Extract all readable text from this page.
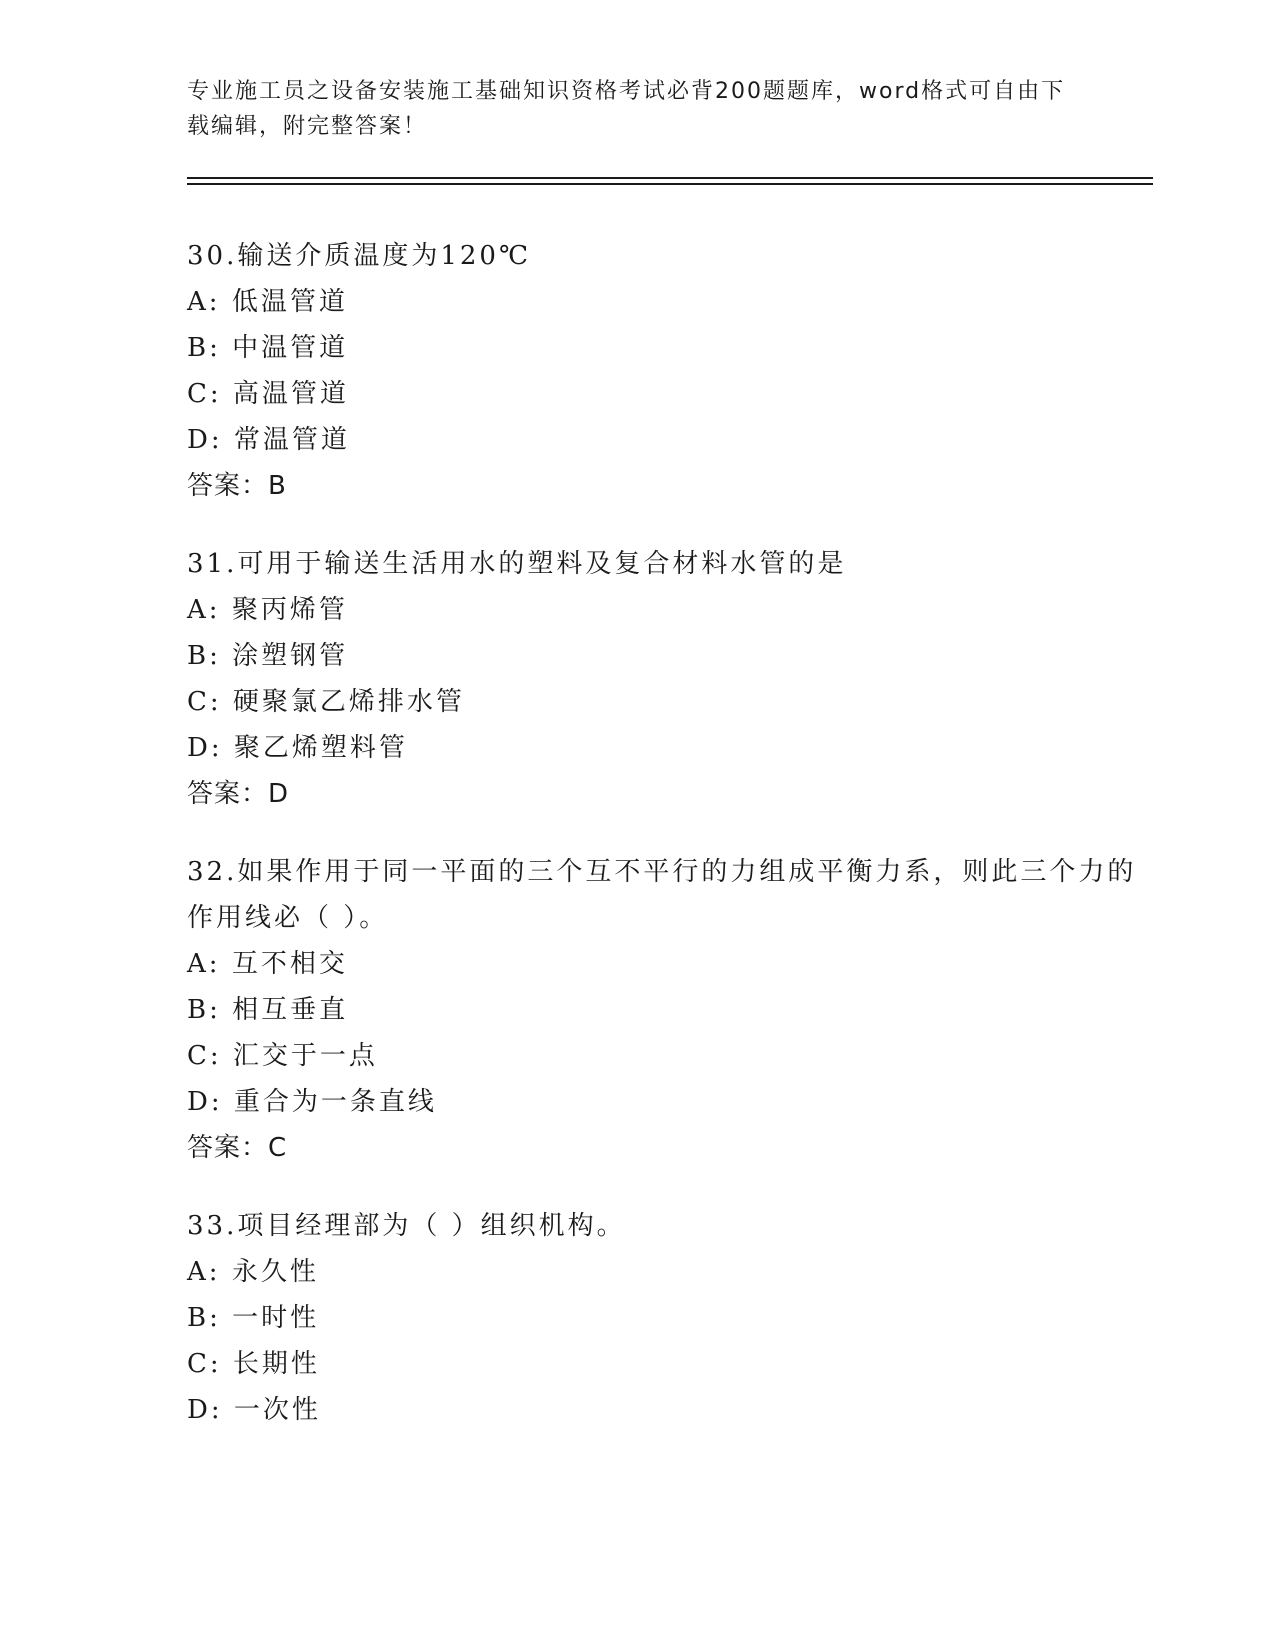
专业施工员之设备安装施工基础知识资格考试必背200题题库，word格式可自由下载编辑，附完整答案！
30.输送介质温度为120℃
A: 低温管道
B: 中温管道
C: 高温管道
D: 常温管道
答案：B
31.可用于输送生活用水的塑料及复合材料水管的是
A: 聚丙烯管
B: 涂塑钢管
C: 硬聚氯乙烯排水管
D: 聚乙烯塑料管
答案：D
32.如果作用于同一平面的三个互不平行的力组成平衡力系，则此三个力的作用线必（ ）。
A: 互不相交
B: 相互垂直
C: 汇交于一点
D: 重合为一条直线
答案：C
33.项目经理部为（ ）组织机构。
A: 永久性
B: 一时性
C: 长期性
D: 一次性
